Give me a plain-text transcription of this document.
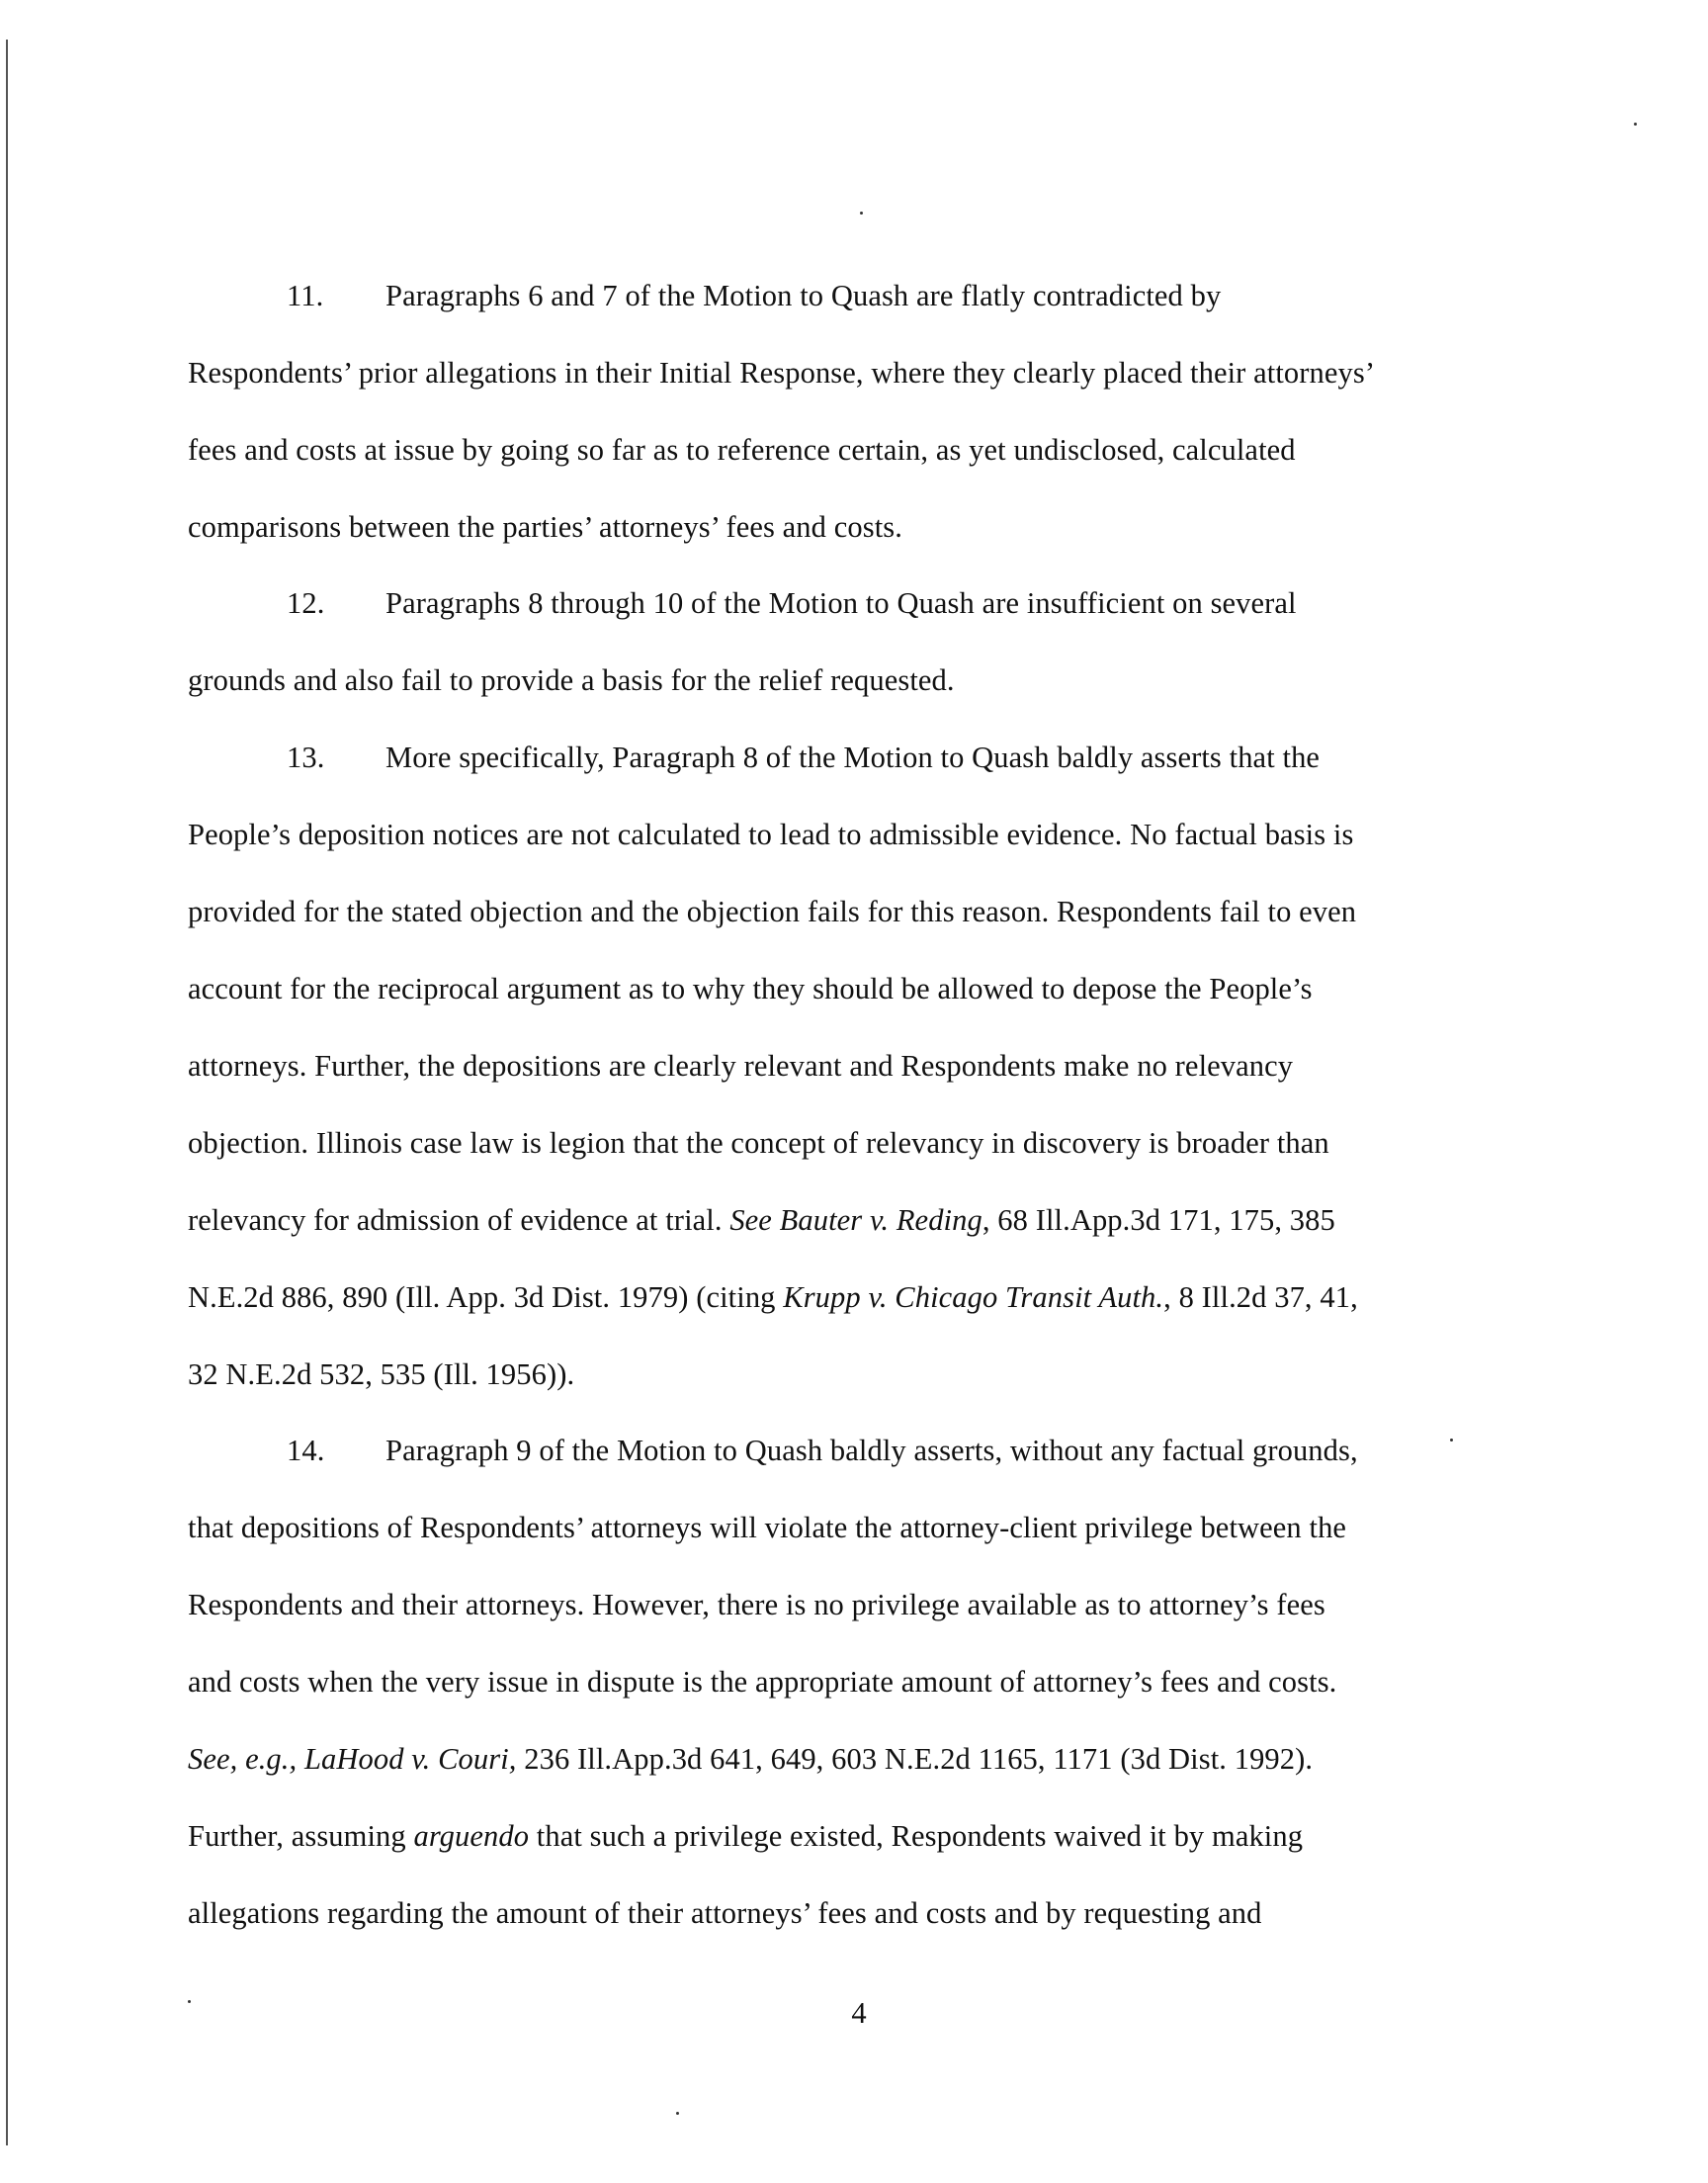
11. Paragraphs 6 and 7 of the Motion to Quash are flatly contradicted by
Respondents’ prior allegations in their Initial Response, where they clearly placed their attorneys’
fees and costs at issue by going so far as to reference certain, as yet undisclosed, calculated
comparisons between the parties’ attorneys’ fees and costs.
12. Paragraphs 8 through 10 of the Motion to Quash are insufficient on several
grounds and also fail to provide a basis for the relief requested.
13. More specifically, Paragraph 8 of the Motion to Quash baldly asserts that the
People’s deposition notices are not calculated to lead to admissible evidence. No factual basis is
provided for the stated objection and the objection fails for this reason. Respondents fail to even
account for the reciprocal argument as to why they should be allowed to depose the People’s
attorneys. Further, the depositions are clearly relevant and Respondents make no relevancy
objection. Illinois case law is legion that the concept of relevancy in discovery is broader than
relevancy for admission of evidence at trial. See Bauter v. Reding, 68 Ill.App.3d 171, 175, 385
N.E.2d 886, 890 (Ill. App. 3d Dist. 1979) (citing Krupp v. Chicago Transit Auth., 8 Ill.2d 37, 41,
32 N.E.2d 532, 535 (Ill. 1956)).
14. Paragraph 9 of the Motion to Quash baldly asserts, without any factual grounds,
that depositions of Respondents’ attorneys will violate the attorney-client privilege between the
Respondents and their attorneys. However, there is no privilege available as to attorney’s fees
and costs when the very issue in dispute is the appropriate amount of attorney’s fees and costs.
See, e.g., LaHood v. Couri, 236 Ill.App.3d 641, 649, 603 N.E.2d 1165, 1171 (3d Dist. 1992).
Further, assuming arguendo that such a privilege existed, Respondents waived it by making
allegations regarding the amount of their attorneys’ fees and costs and by requesting and
4
